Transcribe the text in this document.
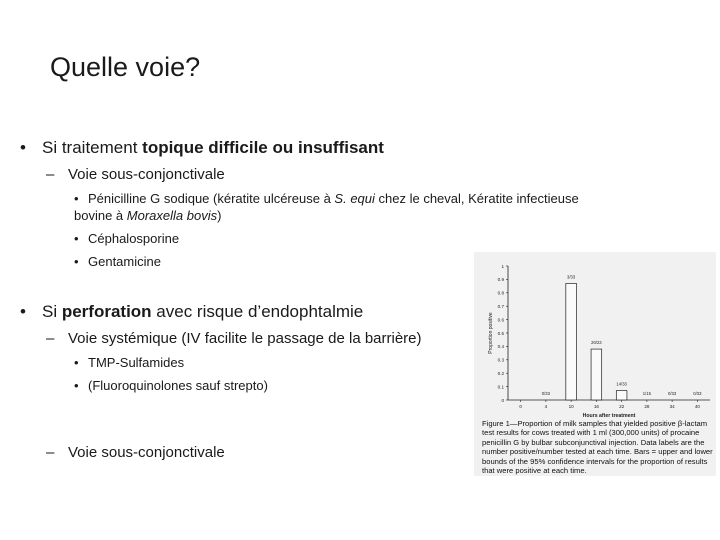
Quelle voie?
• Si traitement topique difficile ou insuffisant
– Voie sous-conjonctivale
• Pénicilline G sodique (kératite ulcéreuse à S. equi chez le cheval, Kératite infectieuse bovine à Moraxella bovis)
• Céphalosporine
• Gentamicine
• Si perforation avec risque d’endophtalmie
– Voie systémique (IV facilite le passage de la barrière)
• TMP-Sulfamides
• (Fluoroquinolones sauf strepto)
– Voie sous-conjonctivale
0
0.1
0.2
0.3
0.4
0.5
0.6
0.7
0.8
0.9
1
Proportion positive
0	4
0/33
10
3/33
16
20/23
22
14/33
28
1/15
34
0/33
40
0/33
Hours after treatment
Figure 1—Proportion of milk samples that yielded positive β-lactam test results for cows treated with 1 ml (300,000 units) of procaine penicillin G by bulbar subconjunctival injection. Data labels are the number positive/number tested at each time. Bars = upper and lower bounds of the 95% confidence intervals for the proportion of results that were positive at each time.
